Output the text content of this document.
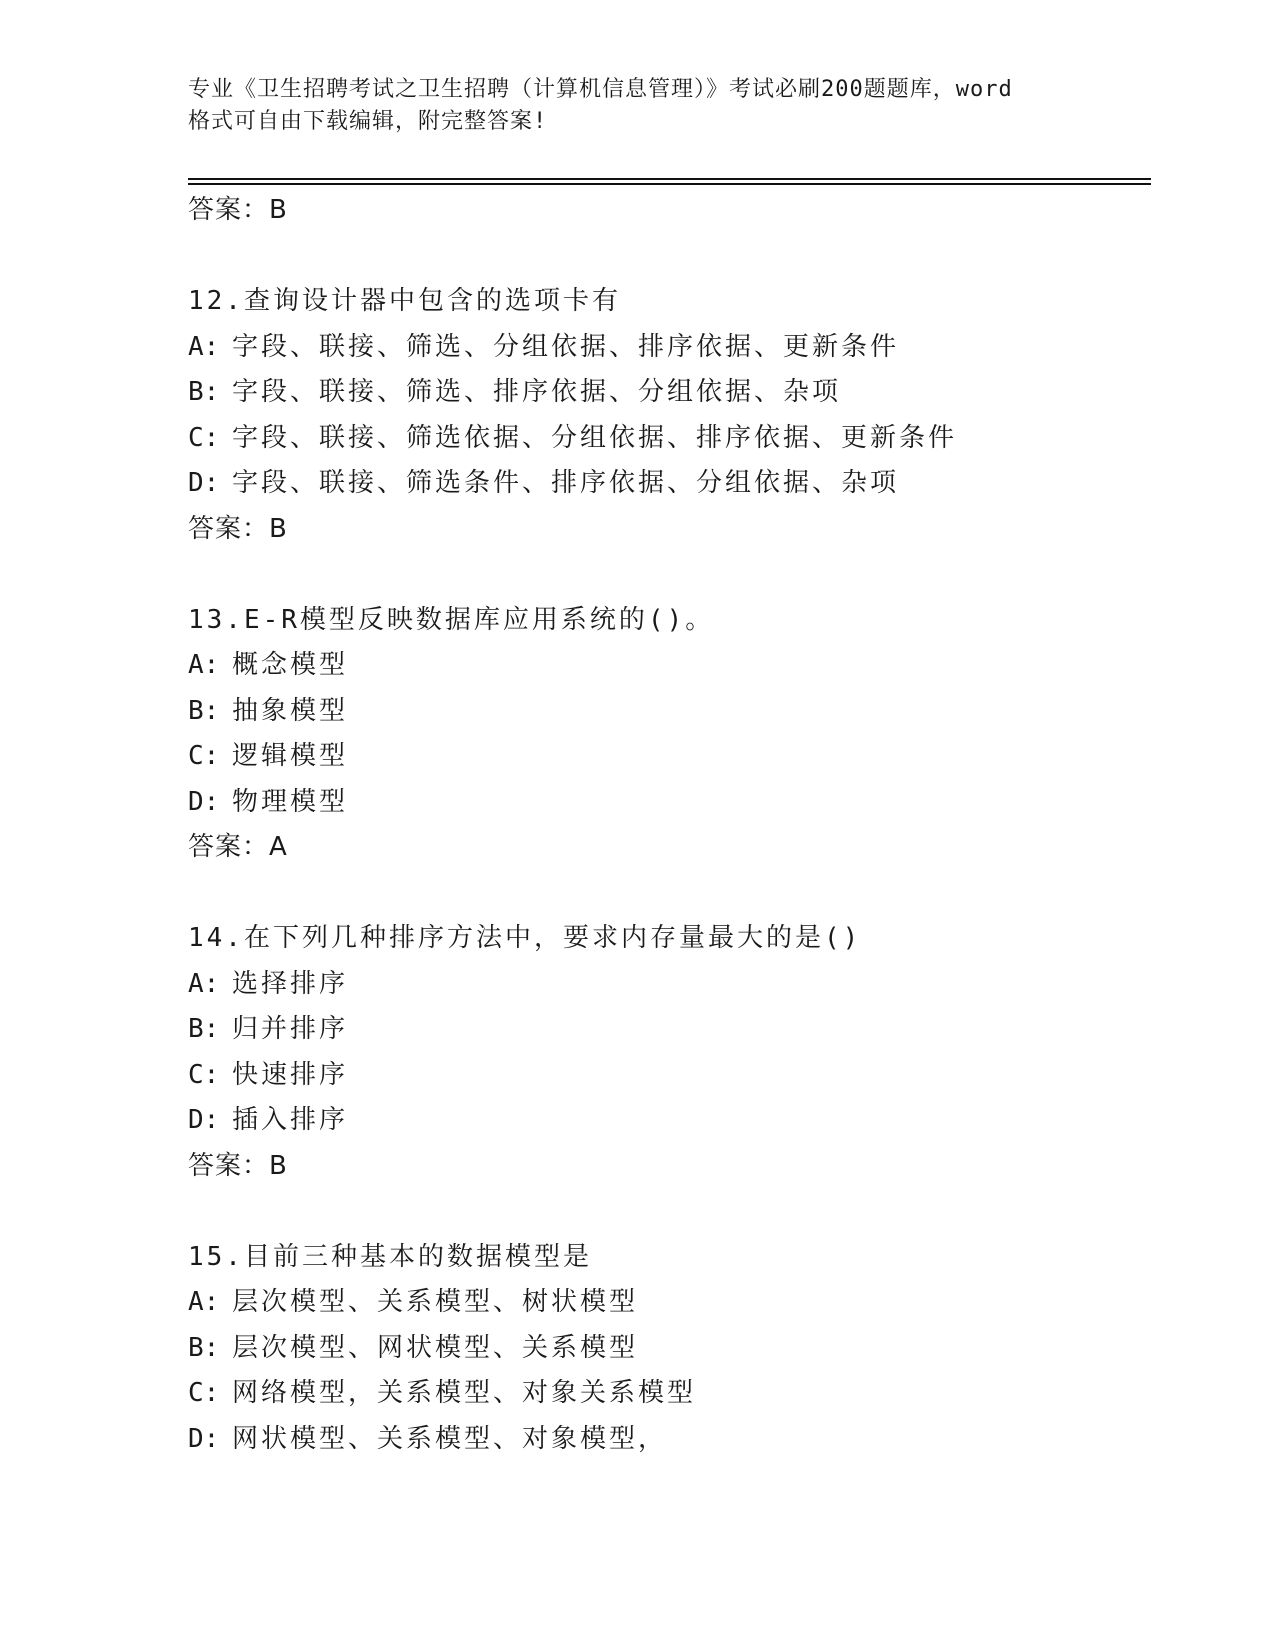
专业《卫生招聘考试之卫生招聘（计算机信息管理）》考试必刷200题题库，word
格式可自由下载编辑，附完整答案!
答案：B
12.查询设计器中包含的选项卡有
A: 字段、联接、筛选、分组依据、排序依据、更新条件
B: 字段、联接、筛选、排序依据、分组依据、杂项
C: 字段、联接、筛选依据、分组依据、排序依据、更新条件
D: 字段、联接、筛选条件、排序依据、分组依据、杂项
答案：B
13.E-R模型反映数据库应用系统的()。
A: 概念模型
B: 抽象模型
C: 逻辑模型
D: 物理模型
答案：A
14.在下列几种排序方法中，要求内存量最大的是()
A: 选择排序
B: 归并排序
C: 快速排序
D: 插入排序
答案：B
15.目前三种基本的数据模型是
A: 层次模型、关系模型、树状模型
B: 层次模型、网状模型、关系模型
C: 网络模型，关系模型、对象关系模型
D: 网状模型、关系模型、对象模型，
